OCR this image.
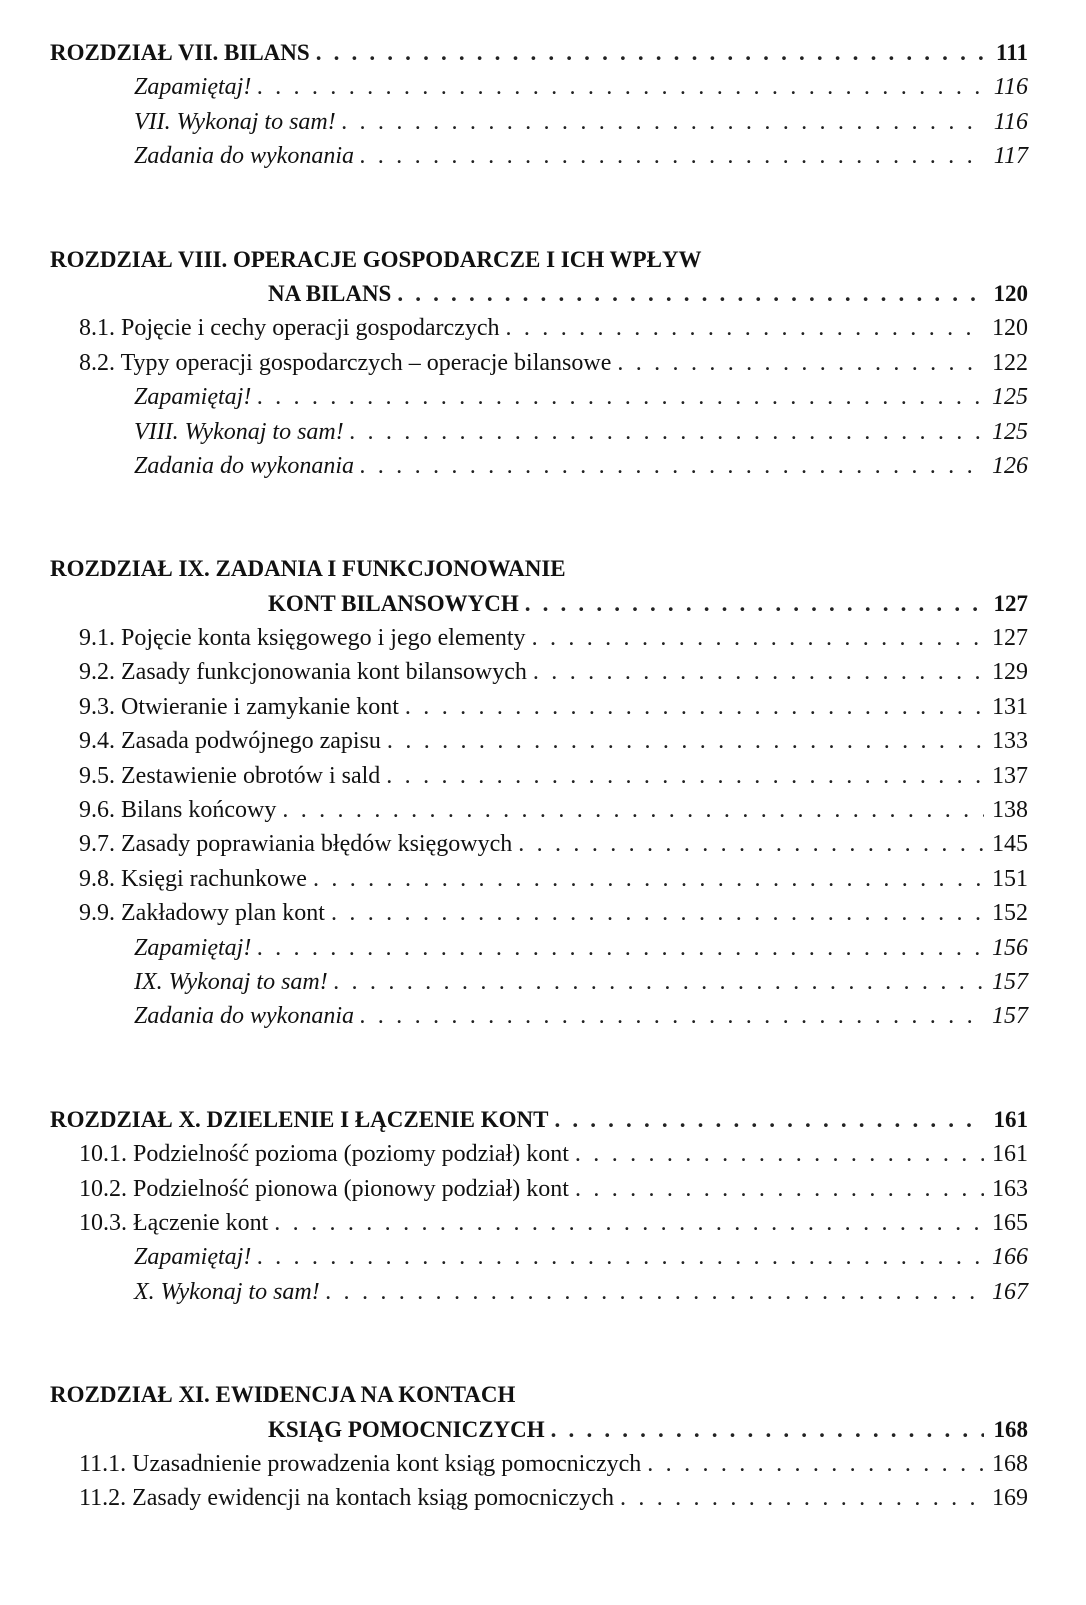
ROZDZIAŁ VII. BILANS . . .	111
Zapamiętaj! . . .	116
VII. Wykonaj to sam! . . .	116
Zadania do wykonania . . .	117
ROZDZIAŁ VIII. OPERACJE GOSPODARCZE I ICH WPŁYW
NA BILANS . . .	120
8.1. Pojęcie i cechy operacji gospodarczych . . .	120
8.2. Typy operacji gospodarczych – operacje bilansowe . . .	122
Zapamiętaj! . . .	125
VIII. Wykonaj to sam! . . .	125
Zadania do wykonania . . .	126
ROZDZIAŁ IX. ZADANIA I FUNKCJONOWANIE
KONT BILANSOWYCH . . .	127
9.1. Pojęcie konta księgowego i jego elementy . . .	127
9.2. Zasady funkcjonowania kont bilansowych . . .	129
9.3. Otwieranie i zamykanie kont . . .	131
9.4. Zasada podwójnego zapisu . . .	133
9.5. Zestawienie obrotów i sald . . .	137
9.6. Bilans końcowy . . .	138
9.7. Zasady poprawiania błędów księgowych . . .	145
9.8. Księgi rachunkowe . . .	151
9.9. Zakładowy plan kont . . .	152
Zapamiętaj! . . .	156
IX. Wykonaj to sam! . . .	157
Zadania do wykonania . . .	157
ROZDZIAŁ X. DZIELENIE I ŁĄCZENIE KONT . . .	161
10.1. Podzielność pozioma (poziomy podział) kont . . .	161
10.2. Podzielność pionowa (pionowy podział) kont . . .	163
10.3. Łączenie kont . . .	165
Zapamiętaj! . . .	166
X. Wykonaj to sam! . . .	167
ROZDZIAŁ XI. EWIDENCJA NA KONTACH
KSIĄG POMOCNICZYCH . . .	168
11.1. Uzasadnienie prowadzenia kont ksiąg pomocniczych . . .	168
11.2. Zasady ewidencji na kontach ksiąg pomocniczych . . .	169
